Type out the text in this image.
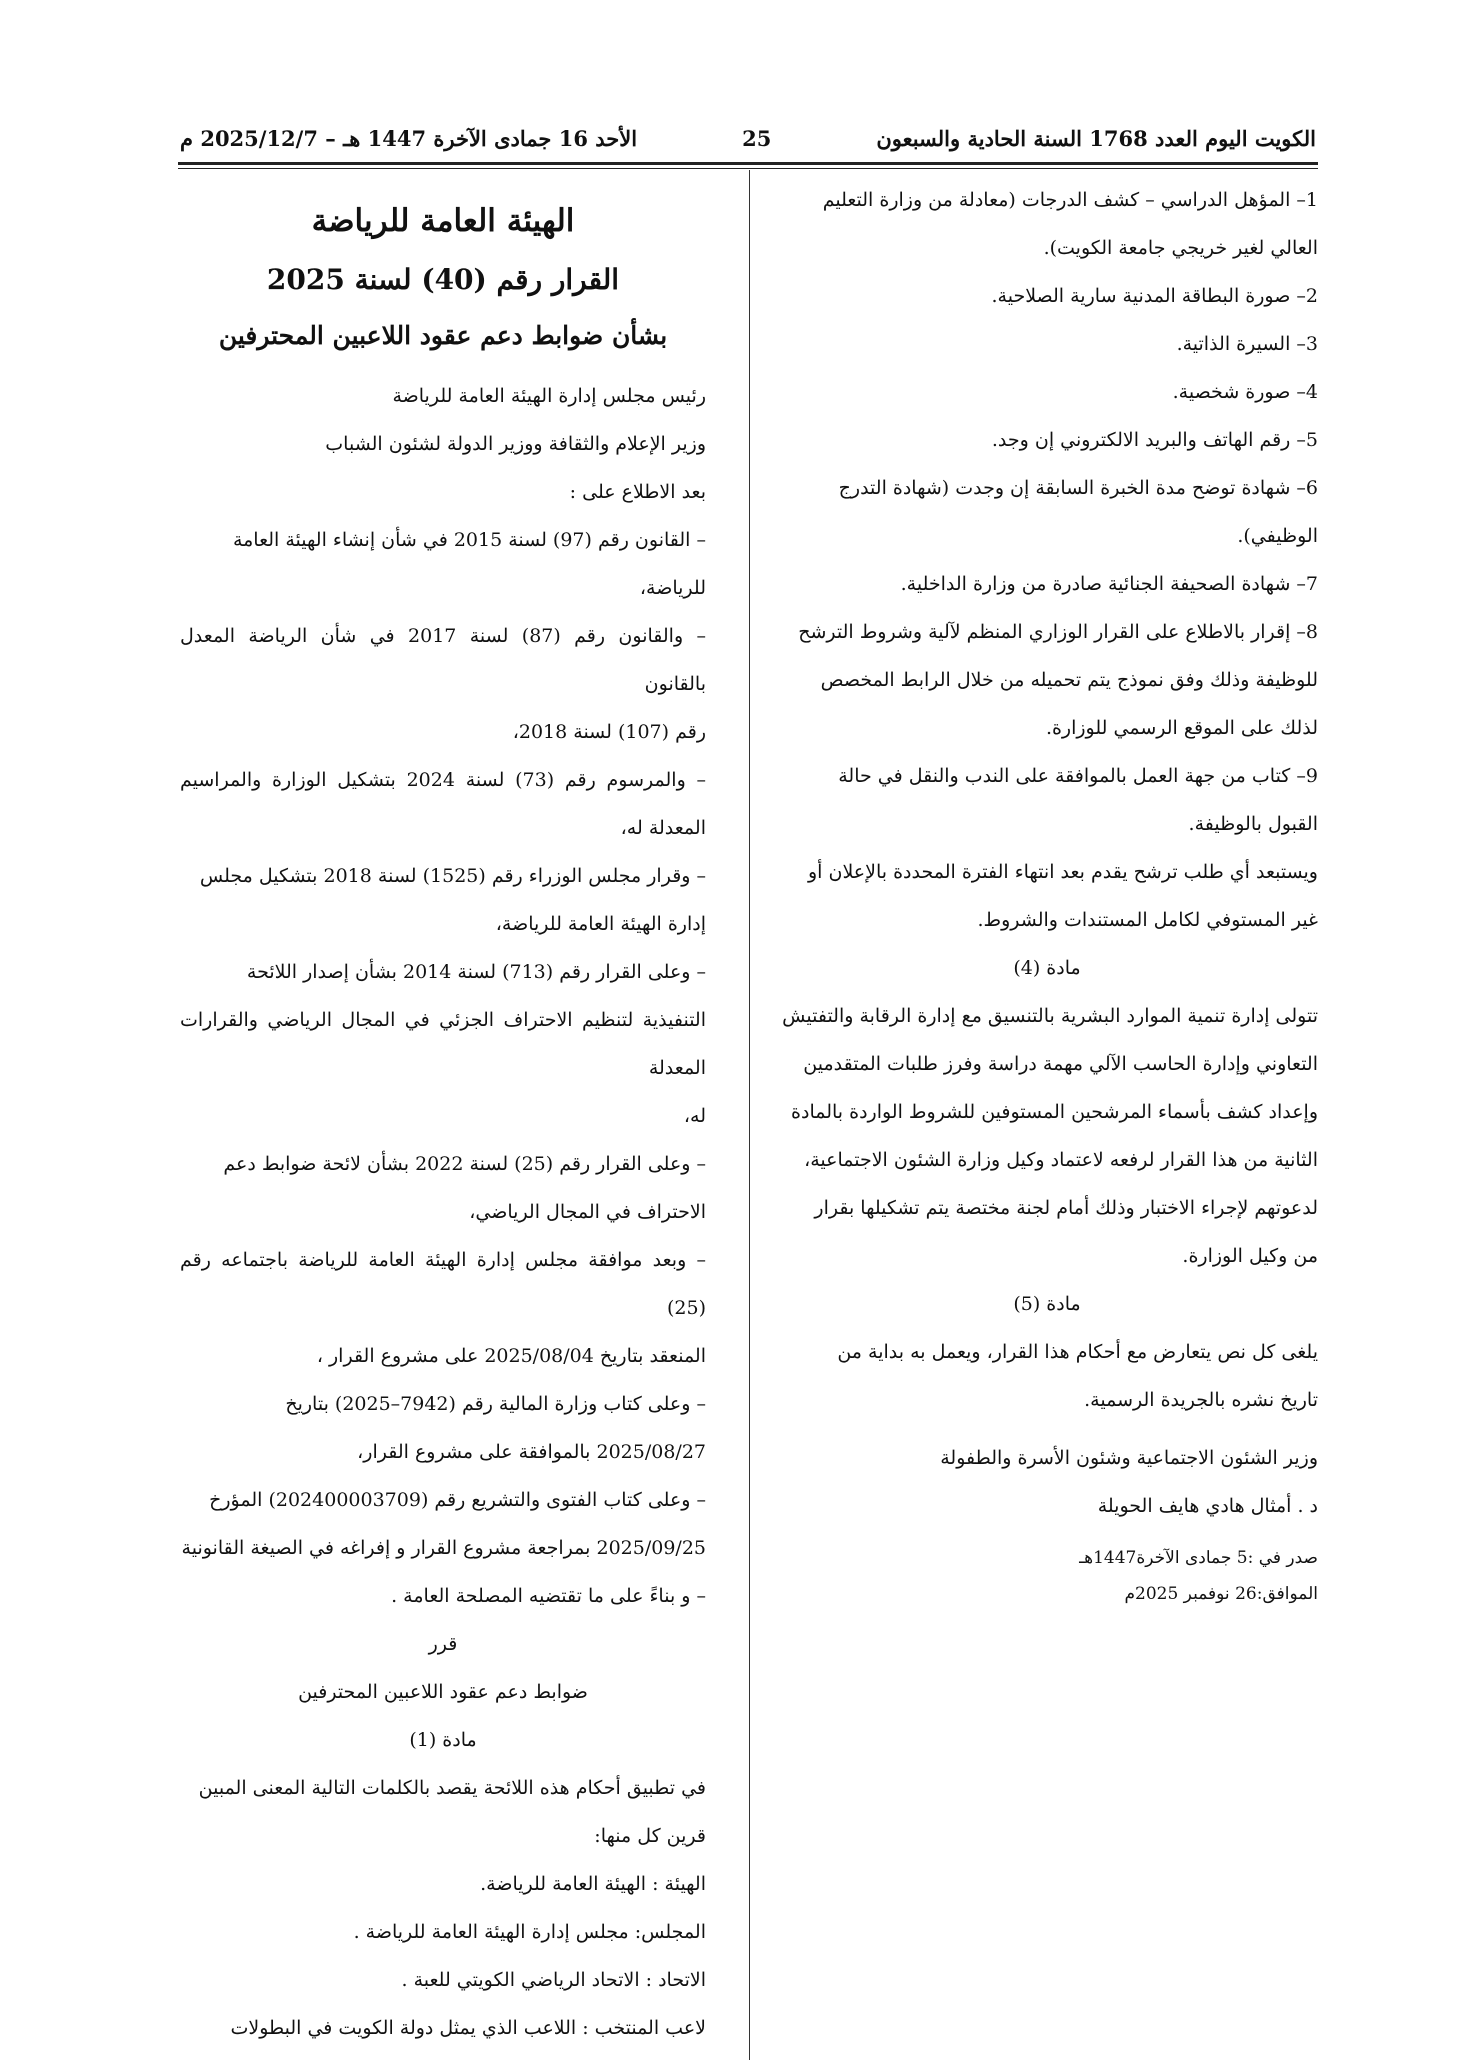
الأحد 16 جمادى الآخرة 1447 هـ – 2025/12/7 م	25	الكويت اليوم العدد 1768 السنة الحادية والسبعون

1– المؤهل الدراسي – كشف الدرجات (معادلة من وزارة التعليم

العالي لغير خريجي جامعة الكويت).

2– صورة البطاقة المدنية سارية الصلاحية.

3– السيرة الذاتية.

4– صورة شخصية.

5– رقم الهاتف والبريد الالكتروني إن وجد.

6– شهادة توضح مدة الخبرة السابقة إن وجدت (شهادة التدرج

الوظيفي).

7– شهادة الصحيفة الجنائية صادرة من وزارة الداخلية.

8– إقرار بالاطلاع على القرار الوزاري المنظم لآلية وشروط الترشح

للوظيفة وذلك وفق نموذج يتم تحميله من خلال الرابط المخصص

لذلك على الموقع الرسمي للوزارة.

9– كتاب من جهة العمل بالموافقة على الندب والنقل في حالة

القبول بالوظيفة.

ويستبعد أي طلب ترشح يقدم بعد انتهاء الفترة المحددة بالإعلان أو

غير المستوفي لكامل المستندات والشروط.

مادة (4)

تتولى إدارة تنمية الموارد البشرية بالتنسيق مع إدارة الرقابة والتفتيش

التعاوني وإدارة الحاسب الآلي مهمة دراسة وفرز طلبات المتقدمين

وإعداد كشف بأسماء المرشحين المستوفين للشروط الواردة بالمادة

الثانية من هذا القرار لرفعه لاعتماد وكيل وزارة الشئون الاجتماعية،

لدعوتهم لإجراء الاختبار وذلك أمام لجنة مختصة يتم تشكيلها بقرار

من وكيل الوزارة.

مادة (5)

يلغى كل نص يتعارض مع أحكام هذا القرار، ويعمل به بداية من

تاريخ نشره بالجريدة الرسمية.

وزير الشئون الاجتماعية وشئون الأسرة والطفولة

د . أمثال هادي هايف الحويلة

صدر في :5 جمادى الآخرة1447هـ

الموافق:26 نوفمبر 2025م

الهيئة العامة للرياضة

القرار رقم (40) لسنة 2025

بشأن ضوابط دعم عقود اللاعبين المحترفين

رئيس مجلس إدارة الهيئة العامة للرياضة

وزير الإعلام والثقافة ووزير الدولة لشئون الشباب

بعد الاطلاع على :

– القانون رقم (97) لسنة 2015 في شأن إنشاء الهيئة العامة

للرياضة،

– والقانون رقم (87) لسنة 2017 في شأن الرياضة المعدل بالقانون

رقم (107) لسنة 2018،

– والمرسوم رقم (73) لسنة 2024 بتشكيل الوزارة والمراسيم المعدلة له،

– وقرار مجلس الوزراء رقم (1525) لسنة 2018 بتشكيل مجلس

إدارة الهيئة العامة للرياضة،

– وعلى القرار رقم (713) لسنة 2014 بشأن إصدار اللائحة

التنفيذية لتنظيم الاحتراف الجزئي في المجال الرياضي والقرارات المعدلة

له،

– وعلى القرار رقم (25) لسنة 2022 بشأن لائحة ضوابط دعم

الاحتراف في المجال الرياضي،

– وبعد موافقة مجلس إدارة الهيئة العامة للرياضة باجتماعه رقم (25)

المنعقد بتاريخ 2025/08/04 على مشروع القرار ،

– وعلى كتاب وزارة المالية رقم (7942–2025) بتاريخ

2025/08/27 بالموافقة على مشروع القرار،

– وعلى كتاب الفتوى والتشريع رقم (202400003709) المؤرخ

2025/09/25 بمراجعة مشروع القرار و إفراغه في الصيغة القانونية

– و بناءً على ما تقتضيه المصلحة العامة .

قرر

ضوابط دعم عقود اللاعبين المحترفين

مادة (1)

في تطبيق أحكام هذه اللائحة يقصد بالكلمات التالية المعنى المبين

قرين كل منها:

الهيئة : الهيئة العامة للرياضة.

المجلس: مجلس إدارة الهيئة العامة للرياضة .

الاتحاد : الاتحاد الرياضي الكويتي للعبة .

لاعب المنتخب : اللاعب الذي يمثل دولة الكويت في البطولات
